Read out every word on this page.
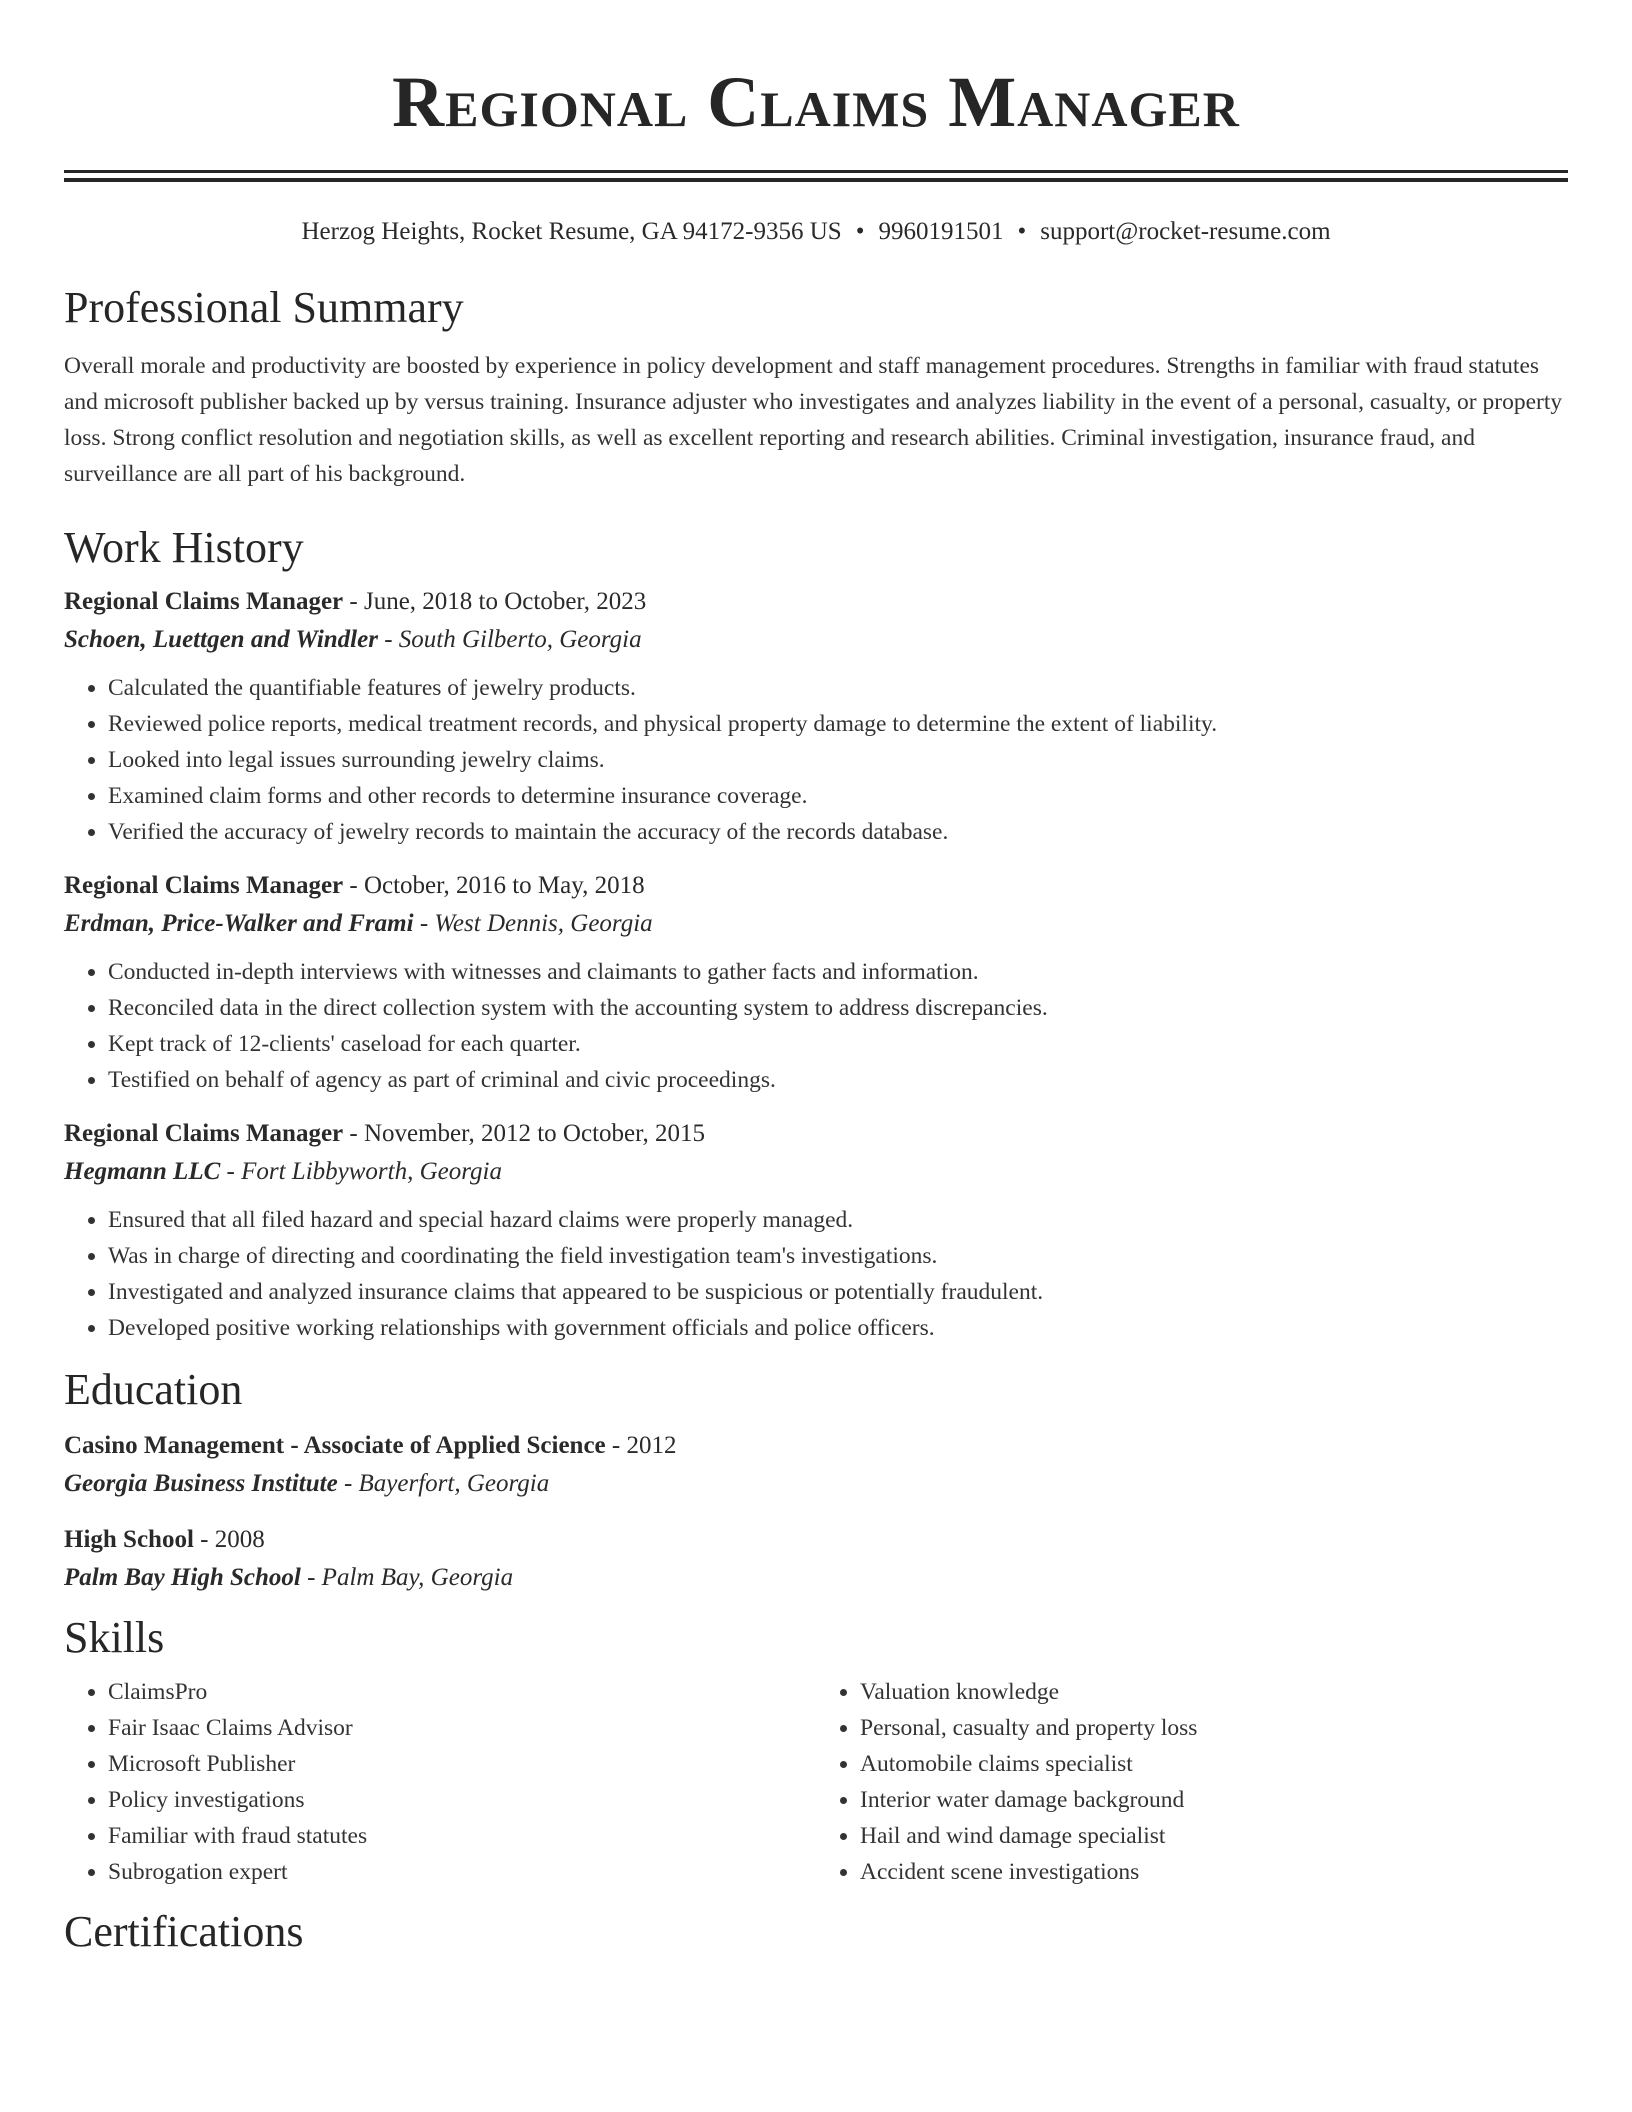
Regional Claims Manager
Herzog Heights, Rocket Resume, GA 94172-9356 US • 9960191501 • support@rocket-resume.com
Professional Summary

Overall morale and productivity are boosted by experience in policy development and staff management procedures. Strengths in familiar with fraud statutes and microsoft publisher backed up by versus training. Insurance adjuster who investigates and analyzes liability in the event of a personal, casualty, or property loss. Strong conflict resolution and negotiation skills, as well as excellent reporting and research abilities. Criminal investigation, insurance fraud, and surveillance are all part of his background.

Work History

Regional Claims Manager - June, 2018 to October, 2023

Schoen, Luettgen and Windler - South Gilberto, Georgia

• Calculated the quantifiable features of jewelry products.
• Reviewed police reports, medical treatment records, and physical property damage to determine the extent of liability.
• Looked into legal issues surrounding jewelry claims.
• Examined claim forms and other records to determine insurance coverage.
• Verified the accuracy of jewelry records to maintain the accuracy of the records database.

Regional Claims Manager - October, 2016 to May, 2018

Erdman, Price-Walker and Frami - West Dennis, Georgia

• Conducted in-depth interviews with witnesses and claimants to gather facts and information.
• Reconciled data in the direct collection system with the accounting system to address discrepancies.
• Kept track of 12-clients' caseload for each quarter.
• Testified on behalf of agency as part of criminal and civic proceedings.

Regional Claims Manager - November, 2012 to October, 2015

Hegmann LLC - Fort Libbyworth, Georgia

• Ensured that all filed hazard and special hazard claims were properly managed.
• Was in charge of directing and coordinating the field investigation team's investigations.
• Investigated and analyzed insurance claims that appeared to be suspicious or potentially fraudulent.
• Developed positive working relationships with government officials and police officers.
Education

Casino Management - Associate of Applied Science - 2012

Georgia Business Institute - Bayerfort, Georgia

High School - 2008

Palm Bay High School - Palm Bay, Georgia

Skills
• ClaimsPro
• Fair Isaac Claims Advisor
• Microsoft Publisher
• Policy investigations
• Familiar with fraud statutes
• Subrogation expert
• Valuation knowledge
• Personal, casualty and property loss
• Automobile claims specialist
• Interior water damage background
• Hail and wind damage specialist
• Accident scene investigations
Certifications
